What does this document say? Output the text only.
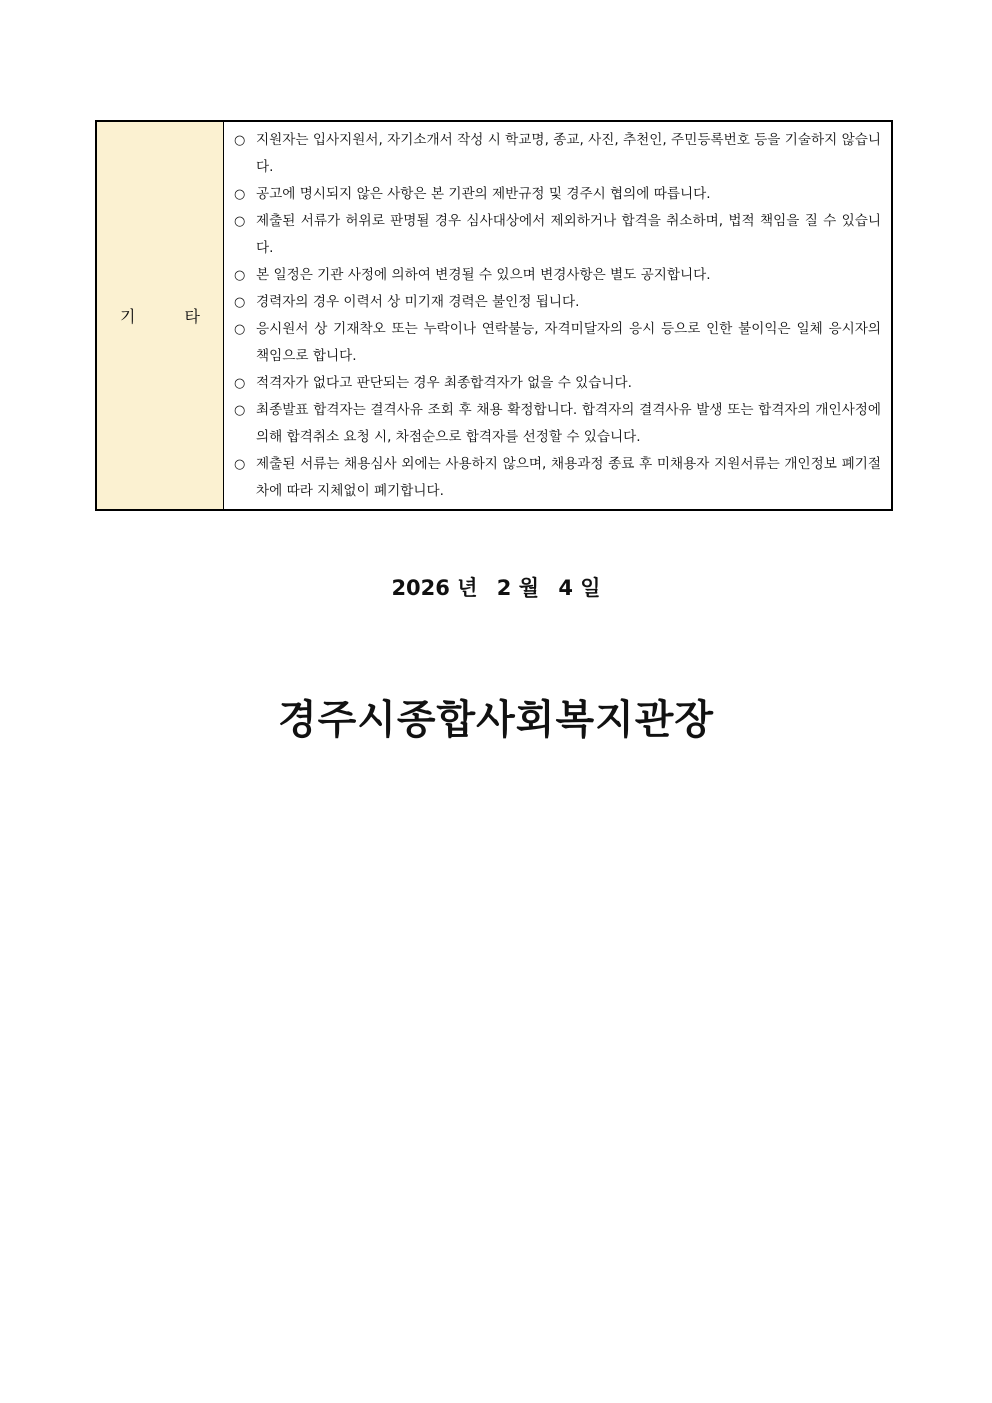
기 타	
○ 지원자는 입사지원서, 자기소개서 작성 시 학교명, 종교, 사진, 추천인, 주민등록번호 등을 기술하지 않습니다.
○ 공고에 명시되지 않은 사항은 본 기관의 제반규정 및 경주시 협의에 따릅니다.
○ 제출된 서류가 허위로 판명될 경우 심사대상에서 제외하거나 합격을 취소하며, 법적 책임을 질 수 있습니다.
○ 본 일정은 기관 사정에 의하여 변경될 수 있으며 변경사항은 별도 공지합니다.
○ 경력자의 경우 이력서 상 미기재 경력은 불인정 됩니다.
○ 응시원서 상 기재착오 또는 누락이나 연락불능, 자격미달자의 응시 등으로 인한 불이익은 일체 응시자의 책임으로 합니다.
○ 적격자가 없다고 판단되는 경우 최종합격자가 없을 수 있습니다.
○ 최종발표 합격자는 결격사유 조회 후 채용 확정합니다. 합격자의 결격사유 발생 또는 합격자의 개인사정에 의해 합격취소 요청 시, 차점순으로 합격자를 선정할 수 있습니다.
○ 제출된 서류는 채용심사 외에는 사용하지 않으며, 채용과정 종료 후 미채용자 지원서류는 개인정보 폐기절차에 따라 지체없이 폐기합니다.
2026 년 2 월 4 일
경주시종합사회복지관장
